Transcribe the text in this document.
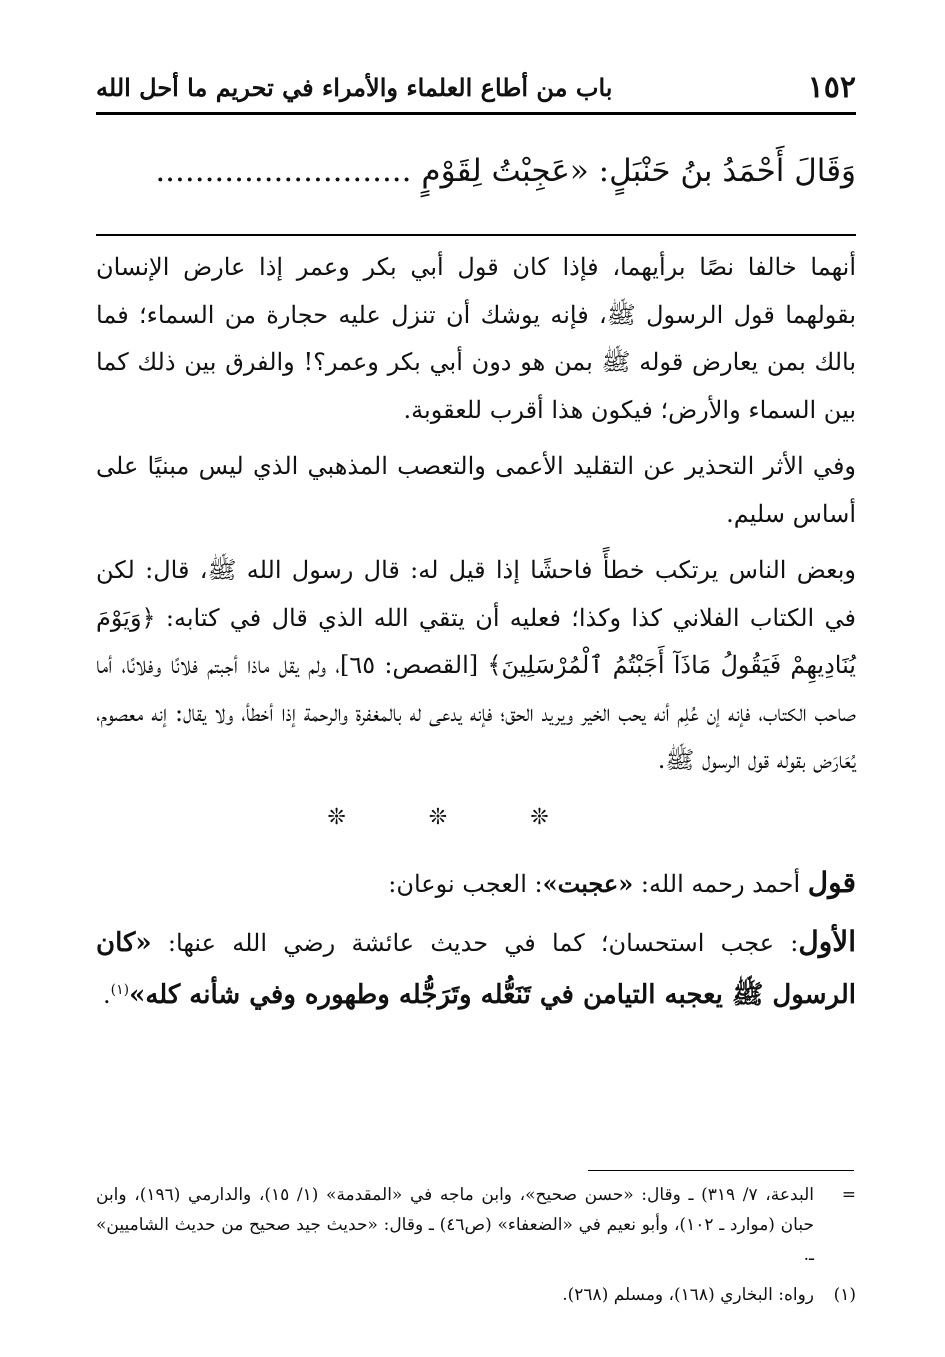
١٥٢
باب من أطاع العلماء والأمراء في تحريم ما أحل الله
وَقَالَ أَحْمَدُ بنُ حَنْبَلٍ: «عَجِبْتُ لِقَوْمٍ ..........................

أنهما خالفا نصًا برأيهما، فإذا كان قول أبي بكر وعمر إذا عارض الإنسان بقولهما قول الرسول ﷺ، فإنه يوشك أن تنزل عليه حجارة من السماء؛ فما بالك بمن يعارض قوله ﷺ بمن هو دون أبي بكر وعمر؟! والفرق بين ذلك كما بين السماء والأرض؛ فيكون هذا أقرب للعقوبة.

وفي الأثر التحذير عن التقليد الأعمى والتعصب المذهبي الذي ليس مبنيًا على أساس سليم.

وبعض الناس يرتكب خطأً فاحشًا إذا قيل له: قال رسول الله ﷺ، قال: لكن في الكتاب الفلاني كذا وكذا؛ فعليه أن يتقي الله الذي قال في كتابه: ﴿وَيَوْمَ يُنَادِيهِمْ فَيَقُولُ مَاذَآ أَجَبْتُمُ ٱلْمُرْسَلِينَ﴾ [القصص: ٦٥]، ولم يقل ماذا أجبتم فلانًا وفلانًا، أما صاحب الكتاب، فإنه إن عُلِم أنه يحب الخير ويريد الحق؛ فإنه يدعى له بالمغفرة والرحمة إذا أخطأ، ولا يقال: إنه معصوم، يُعَارَض بقوله قول الرسول ﷺ.

❊ ❊ ❊

قول أحمد رحمه الله: «عجبت»: العجب نوعان:

الأول: عجب استحسان؛ كما في حديث عائشة رضي الله عنها: «كان الرسول ﷺ يعجبه التيامن في تَنَعُّله وتَرَجُّله وطهوره وفي شأنه كله»$^{(١)}$.

=
البدعة، ٧/ ٣١٩) ـ وقال: «حسن صحيح»، وابن ماجه في «المقدمة» (١/ ١٥)، والدارمي (١٩٦)، وابن حبان (موارد ـ ١٠٢)، وأبو نعيم في «الضعفاء» (ص٤٦) ـ وقال: «حديث جيد صحيح من حديث الشاميين» ـ.
(١)
رواه: البخاري (١٦٨)، ومسلم (٢٦٨).
